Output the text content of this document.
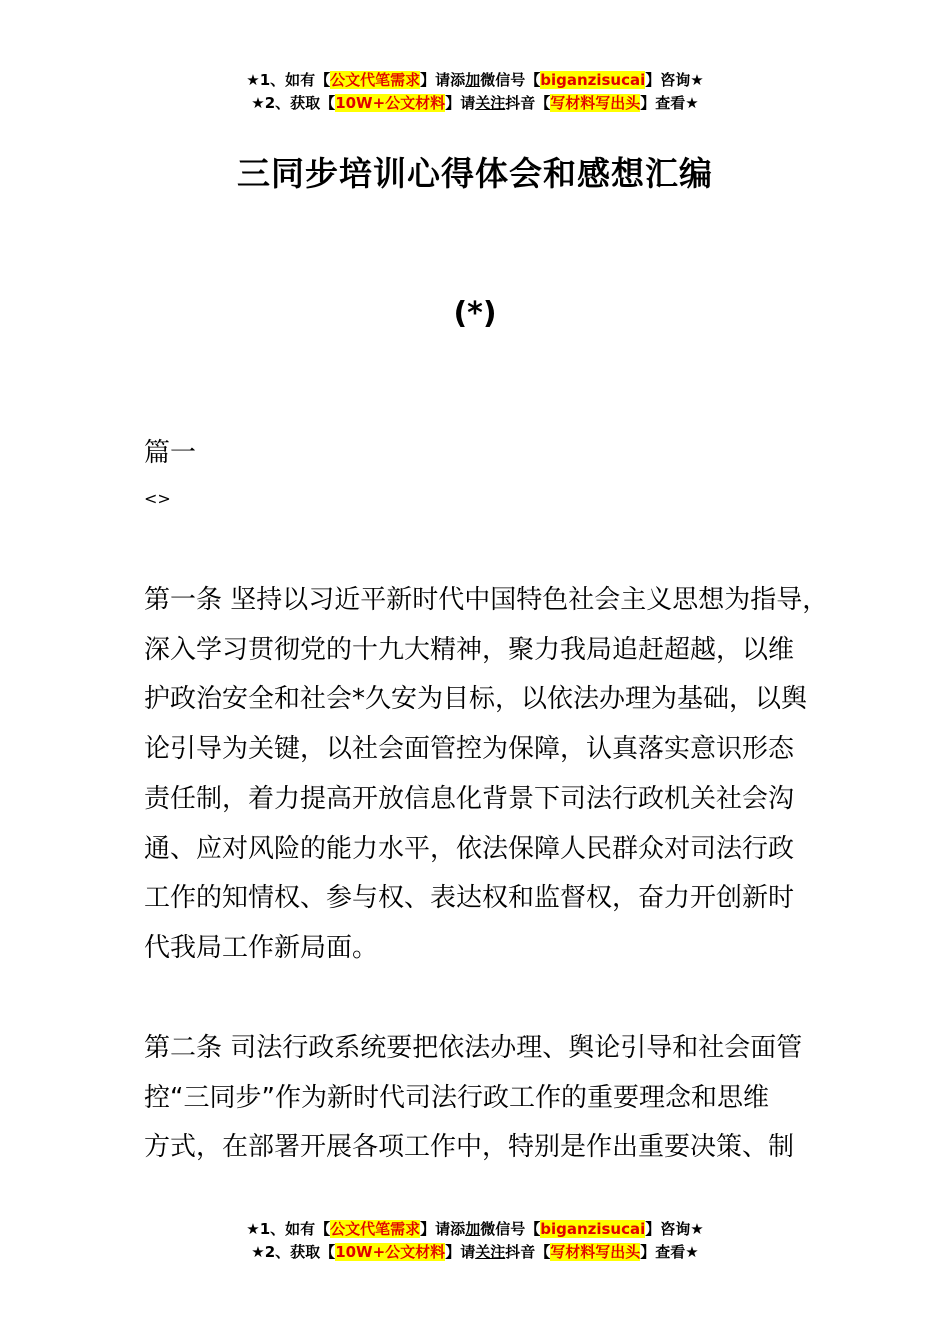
★1、如有【公文代笔需求】请添加微信号【biganzisucai】咨询★
★2、获取【10W+公文材料】请关注抖音【写材料写出头】查看★
三同步培训心得体会和感想汇编
(*)
篇一
<>
第一条 坚持以习近平新时代中国特色社会主义思想为指导，
深入学习贯彻党的十九大精神，聚力我局追赶超越，以维
护政治安全和社会*久安为目标，以依法办理为基础，以舆
论引导为关键，以社会面管控为保障，认真落实意识形态
责任制，着力提高开放信息化背景下司法行政机关社会沟
通、应对风险的能力水平，依法保障人民群众对司法行政
工作的知情权、参与权、表达权和监督权，奋力开创新时
代我局工作新局面。
第二条 司法行政系统要把依法办理、舆论引导和社会面管
控“三同步”作为新时代司法行政工作的重要理念和思维
方式，在部署开展各项工作中，特别是作出重要决策、制
★1、如有【公文代笔需求】请添加微信号【biganzisucai】咨询★
★2、获取【10W+公文材料】请关注抖音【写材料写出头】查看★
